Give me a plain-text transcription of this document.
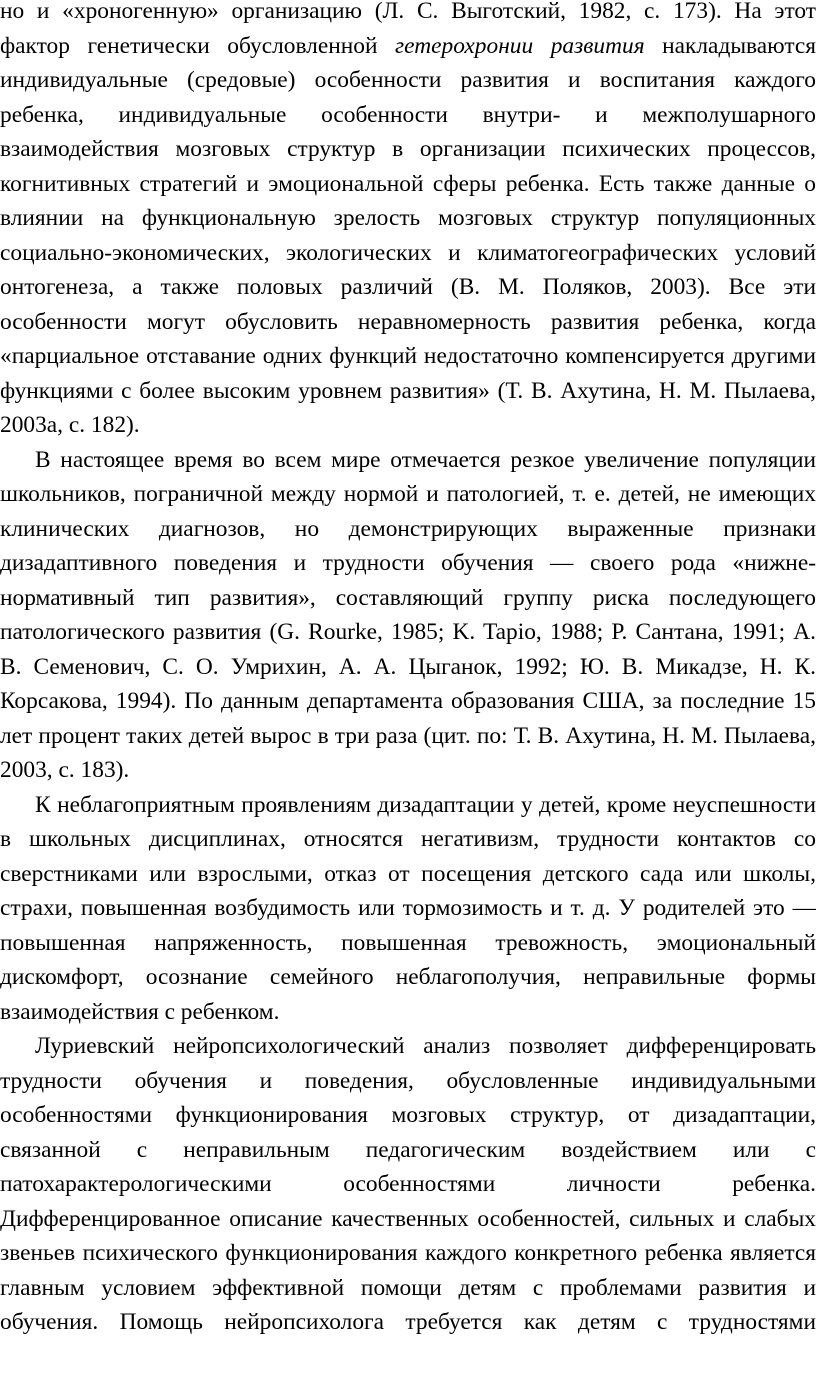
но и «хроногенную» организацию (Л. С. Выготский, 1982, с. 173). На этот фактор генетически обусловленной гетерохронии развития накладываются индивидуальные (средовые) особенности развития и воспитания каждого ребенка, индивидуальные особенности внутри- и межполушарного взаимодействия мозговых структур в организации психических процессов, когнитивных стратегий и эмоциональной сферы ребенка. Есть также данные о влиянии на функциональную зрелость мозговых структур популяционных социально-экономических, экологических и климатогеографических условий онтогенеза, а также половых различий (В. М. Поляков, 2003). Все эти особенности могут обусловить неравномерность развития ребенка, когда «парциальное отставание одних функций недостаточно компенсируется другими функциями с более высоким уровнем развития» (Т. В. Ахутина, Н. М. Пылаева, 2003а, с. 182).

В настоящее время во всем мире отмечается резкое увеличение популяции школьников, пограничной между нормой и патологией, т. е. детей, не имеющих клинических диагнозов, но демонстрирующих выраженные признаки дизадаптивного поведения и трудности обучения — своего рода «нижне-нормативный тип развития», составляющий группу риска последующего патологического развития (G. Rourke, 1985; K. Tapio, 1988; Р. Сантана, 1991; А. В. Семенович, С. О. Умрихин, А. А. Цыганок, 1992; Ю. В. Микадзе, Н. К. Корсакова, 1994). По данным департамента образования США, за последние 15 лет процент таких детей вырос в три раза (цит. по: Т. В. Ахутина, Н. М. Пылаева, 2003, с. 183).

К неблагоприятным проявлениям дизадаптации у детей, кроме неуспешности в школьных дисциплинах, относятся негативизм, трудности контактов со сверстниками или взрослыми, отказ от посещения детского сада или школы, страхи, повышенная возбудимость или тормозимость и т. д. У родителей это — повышенная напряженность, повышенная тревожность, эмоциональный дискомфорт, осознание семейного неблагополучия, неправильные формы взаимодействия с ребенком.

Луриевский нейропсихологический анализ позволяет дифференцировать трудности обучения и поведения, обусловленные индивидуальными особенностями функционирования мозговых структур, от дизадаптации, связанной с неправильным педагогическим воздействием или с патохарактерологическими особенностями личности ребенка. Дифференцированное описание качественных особенностей, сильных и слабых звеньев психического функционирования каждого конкретного ребенка является главным условием эффективной помощи детям с проблемами развития и обучения. Помощь нейропсихолога требуется как детям с трудностями
